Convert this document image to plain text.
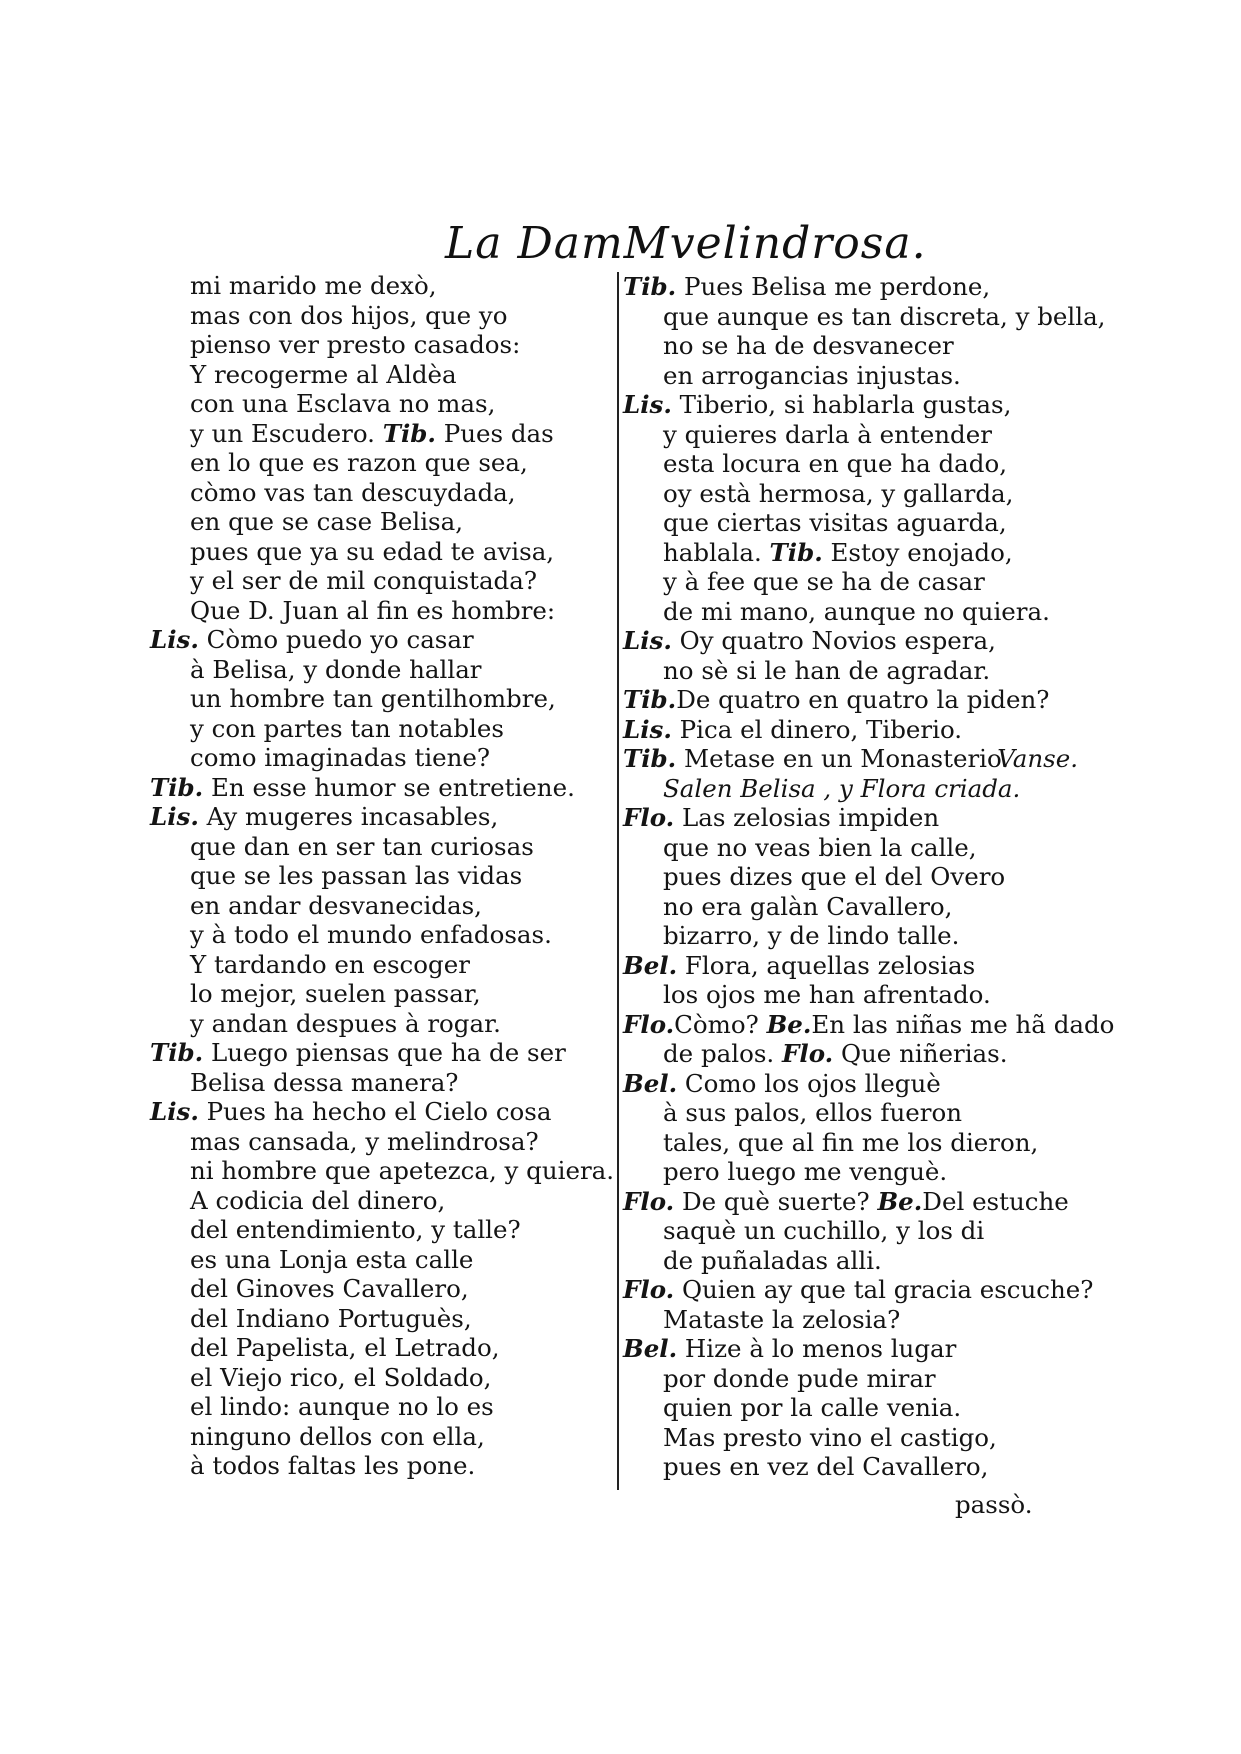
La DamMvelindrosa.
mi marido me dexò,
mas con dos hijos, que yo
pienso ver presto casados:
Y recogerme al Aldèa
con una Esclava no mas,
y un Escudero. Tib. Pues das
en lo que es razon que sea,
còmo vas tan descuydada,
en que se case Belisa,
pues que ya su edad te avisa,
y el ser de mil conquistada?
Que D. Juan al fin es hombre:
Lis. Còmo puedo yo casar
à Belisa, y donde hallar
un hombre tan gentilhombre,
y con partes tan notables
como imaginadas tiene?
Tib. En esse humor se entretiene.
Lis. Ay mugeres incasables,
que dan en ser tan curiosas
que se les passan las vidas
en andar desvanecidas,
y à todo el mundo enfadosas.
Y tardando en escoger
lo mejor, suelen passar,
y andan despues à rogar.
Tib. Luego piensas que ha de ser
Belisa dessa manera?
Lis. Pues ha hecho el Cielo cosa
mas cansada, y melindrosa?
ni hombre que apetezca, y quiera.
A codicia del dinero,
del entendimiento, y talle?
es una Lonja esta calle
del Ginoves Cavallero,
del Indiano Portuguès,
del Papelista, el Letrado,
el Viejo rico, el Soldado,
el lindo: aunque no lo es
ninguno dellos con ella,
à todos faltas les pone.
Tib. Pues Belisa me perdone,
que aunque es tan discreta, y bella,
no se ha de desvanecer
en arrogancias injustas.
Lis. Tiberio, si hablarla gustas,
y quieres darla à entender
esta locura en que ha dado,
oy està hermosa, y gallarda,
que ciertas visitas aguarda,
hablala. Tib. Estoy enojado,
y à fee que se ha de casar
de mi mano, aunque no quiera.
Lis. Oy quatro Novios espera,
no sè si le han de agradar.
Tib.De quatro en quatro la piden?
Lis. Pica el dinero, Tiberio.
Tib. Metase en un Monasterio.
Vanse.
Salen Belisa , y Flora criada.
Flo. Las zelosias impiden
que no veas bien la calle,
pues dizes que el del Overo
no era galàn Cavallero,
bizarro, y de lindo talle.
Bel. Flora, aquellas zelosias
los ojos me han afrentado.
Flo.Còmo? Be.En las niñas me hã dado
de palos. Flo. Que niñerias.
Bel. Como los ojos lleguè
à sus palos, ellos fueron
tales, que al fin me los dieron,
pero luego me venguè.
Flo. De què suerte? Be.Del estuche
saquè un cuchillo, y los di
de puñaladas alli.
Flo. Quien ay que tal gracia escuche?
Mataste la zelosia?
Bel. Hize à lo menos lugar
por donde pude mirar
quien por la calle venia.
Mas presto vino el castigo,
pues en vez del Cavallero,
passò.
